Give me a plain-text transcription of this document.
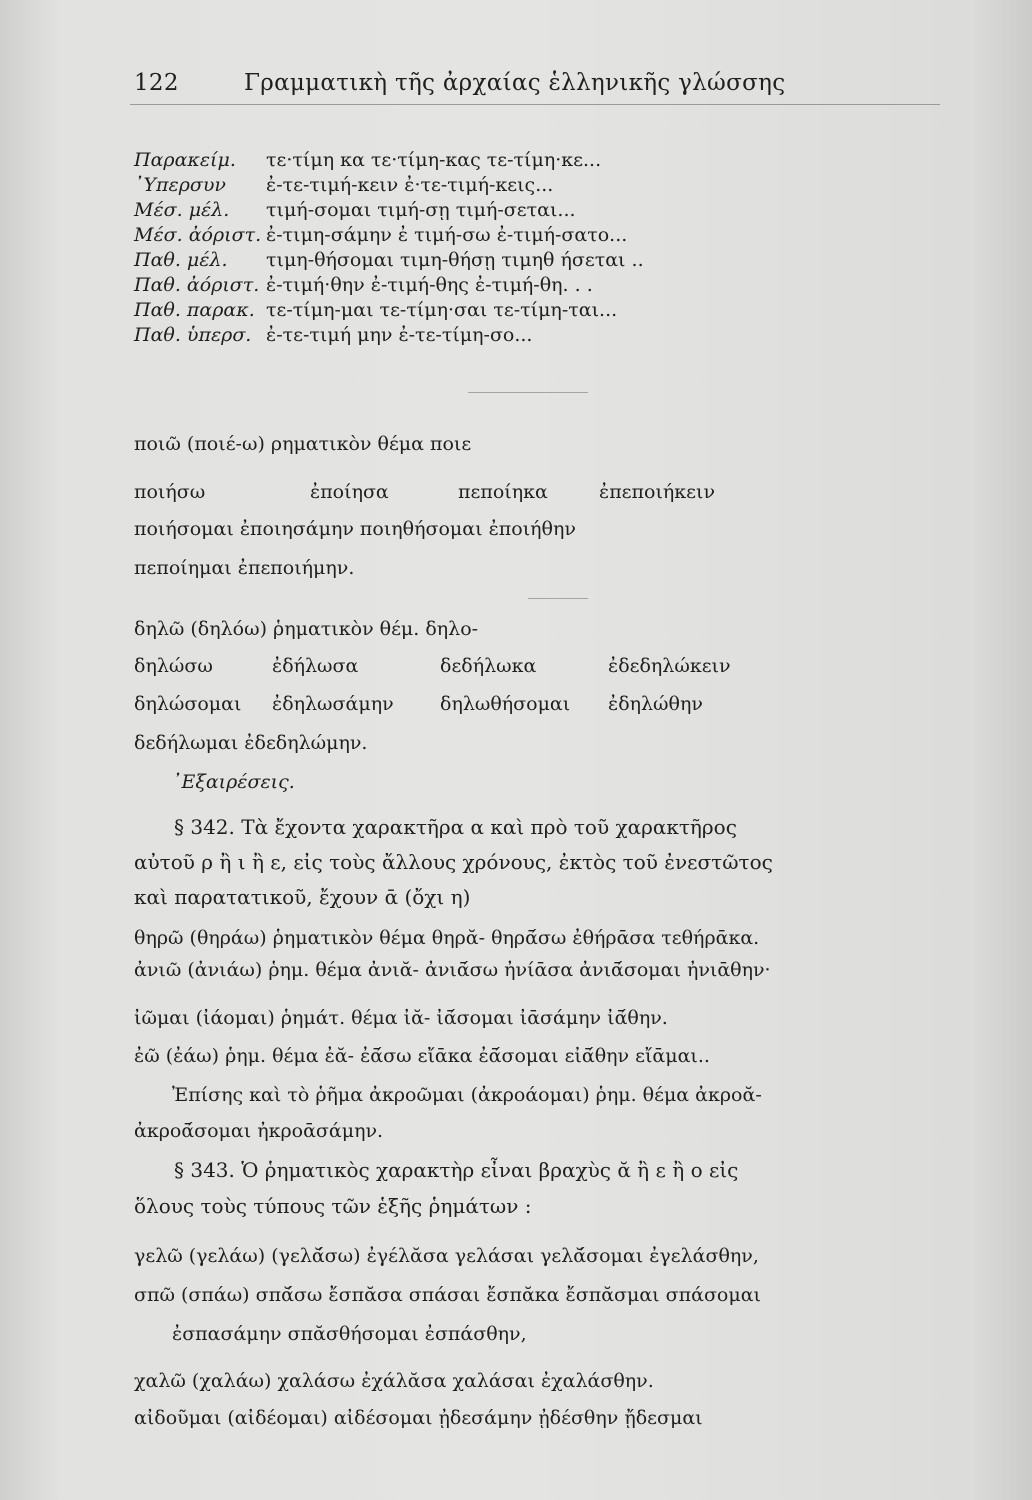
122	Γραμματικὴ τῆς ἀρχαίας ἑλληνικῆς γλώσσης
Παρακείμ. τε·τίμη κα τε·τίμη-κας τε-τίμη·κε...
᾿Υπερσυν ἐ-τε-τιμή-κειν ἐ·τε-τιμή-κεις...
Μέσ. μέλ. τιμή-σομαι τιμή-σῃ τιμή-σεται...
Μέσ. ἀόριστ. ἐ-τιμη-σάμην ἐ τιμή-σω ἐ-τιμή-σατο...
Παθ. μέλ. τιμη-θήσομαι τιμη-θήσῃ τιμηθ ήσεται ..
Παθ. ἀόριστ. ἐ-τιμή·θην ἐ-τιμή-θης ἐ-τιμή-θη. . .
Παθ. παρακ. τε-τίμη-μαι τε-τίμη·σαι τε-τίμη-ται...
Παθ. ὑπερσ. ἐ-τε-τιμή μην ἐ-τε-τίμη-σο...
ποιῶ (ποιέ-ω) ρηματικὸν θέμα ποιε
ποιήσω	ἐποίησα	πεποίηκα	ἐπεποιήκειν
ποιήσομαι ἐποιησάμην ποιηθήσομαι ἐποιήθην
πεποίημαι ἐπεποιήμην.
δηλῶ (δηλόω) ῥηματικὸν θέμ. δηλο-
δηλώσω	ἐδήλωσα	δεδήλωκα	ἐδεδηλώκειν
δηλώσομαι ἐδηλωσάμην δηλωθήσομαι ἐδηλώθην
δεδήλωμαι ἐδεδηλώμην.
᾿Εξαιρέσεις.
§ 342. Τὰ ἔχοντα χαρακτῆρα α καὶ πρὸ τοῦ χαρακτῆρος
αὐτοῦ ρ ἢ ι ἢ ε, εἰς τοὺς ἄλλους χρόνους, ἐκτὸς τοῦ ἐνεστῶτος
καὶ παρατατικοῦ, ἔχουν ᾱ (ὄχι η)
θηρῶ (θηράω) ῥηματικὸν θέμα θηρᾰ- θηρᾱ́σω ἐθήρᾱσα τεθήρᾱκα.
ἀνιῶ (ἀνιάω) ῥημ. θέμα ἀνιᾰ- ἀνιᾱ́σω ἠνίᾱσα ἀνιᾱ́σομαι ἠνιᾱθην·
ἰῶμαι (ἰάομαι) ῥημάτ. θέμα ἰᾰ- ἰᾱ́σομαι ἰᾱσάμην ἰᾱ́θην.
ἐῶ (ἐάω) ῥημ. θέμα ἐᾰ- ἐᾱ́σω εἴᾱκα ἐᾱ́σομαι εἰᾱ́θην εἴᾱμαι..
Ἐπίσης καὶ τὸ ῥῆμα ἀκροῶμαι (ἀκροάομαι) ῥημ. θέμα ἀκροᾰ-
ἀκροᾱ́σομαι ἠκροᾱσάμην.
§ 343. Ὁ ῥηματικὸς χαρακτὴρ εἶναι βραχὺς ᾰ ἢ ε ἢ ο εἰς
ὅλους τοὺς τύπους τῶν ἑξῆς ῥημάτων :
γελῶ (γελάω) (γελᾰ́σω) ἐγέλᾰσα γελάσαι γελᾰ́σομαι ἐγελάσθην,
σπῶ (σπάω) σπᾰ́σω ἔσπᾰσα σπάσαι ἔσπᾰκα ἔσπᾰσμαι σπάσομαι
ἐσπασάμην σπᾰσθήσομαι ἐσπάσθην,
χαλῶ (χαλάω) χαλάσω ἐχάλᾰσα χαλάσαι ἐχαλάσθην.
αἰδοῦμαι (αἰδέομαι) αἰδέσομαι ᾐδεσάμην ᾐδέσθην ᾔδεσμαι
